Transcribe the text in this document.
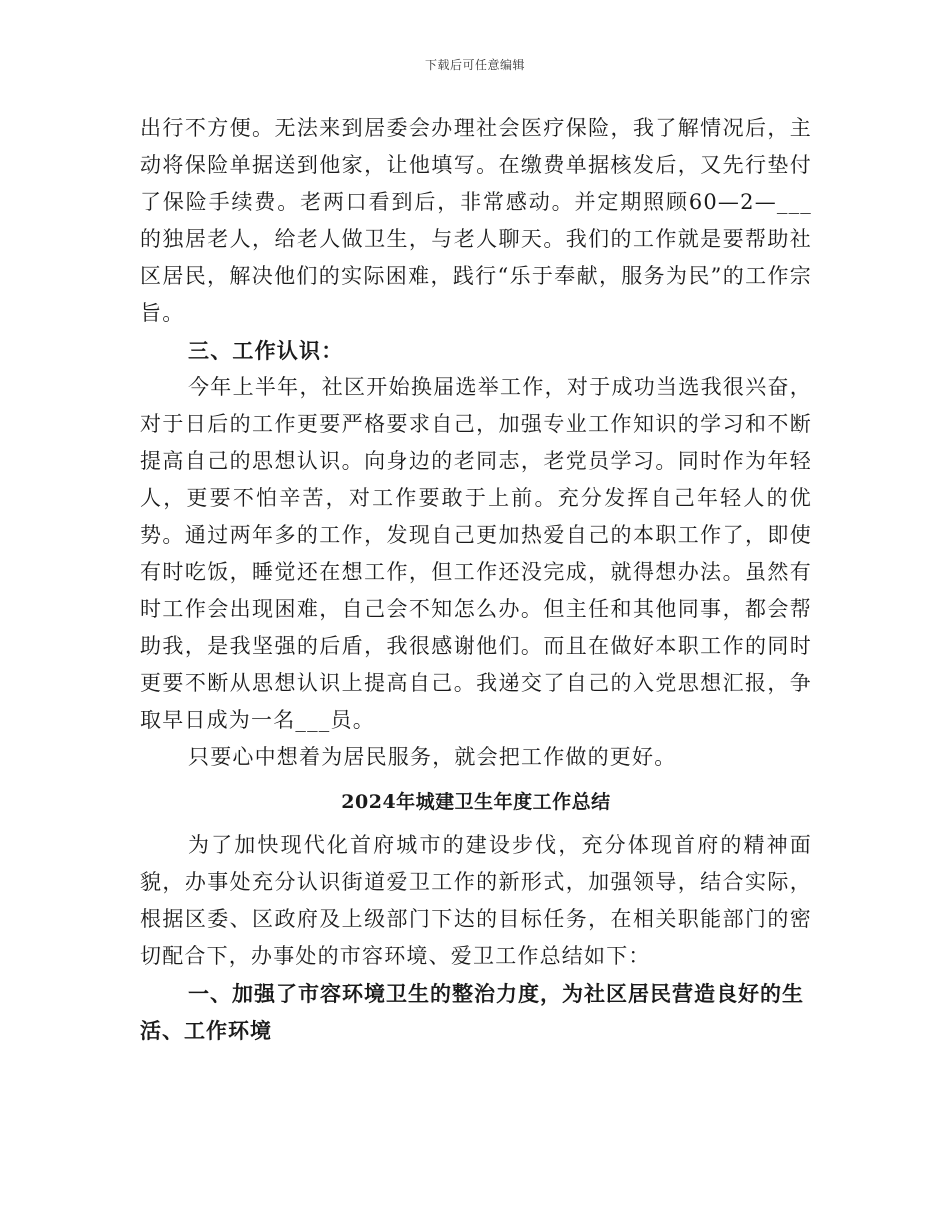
下载后可任意编辑

出行不方便。无法来到居委会办理社会医疗保险，我了解情况后，主动将保险单据送到他家，让他填写。在缴费单据核发后，又先行垫付了保险手续费。老两口看到后，非常感动。并定期照顾60—2—___的独居老人，给老人做卫生，与老人聊天。我们的工作就是要帮助社区居民，解决他们的实际困难，践行“乐于奉献，服务为民”的工作宗旨。

三、工作认识：

今年上半年，社区开始换届选举工作，对于成功当选我很兴奋，对于日后的工作更要严格要求自己，加强专业工作知识的学习和不断提高自己的思想认识。向身边的老同志，老党员学习。同时作为年轻人，更要不怕辛苦，对工作要敢于上前。充分发挥自己年轻人的优势。通过两年多的工作，发现自己更加热爱自己的本职工作了，即使有时吃饭，睡觉还在想工作，但工作还没完成，就得想办法。虽然有时工作会出现困难，自己会不知怎么办。但主任和其他同事，都会帮助我，是我坚强的后盾，我很感谢他们。而且在做好本职工作的同时更要不断从思想认识上提高自己。我递交了自己的入党思想汇报，争取早日成为一名___员。

只要心中想着为居民服务，就会把工作做的更好。

2024年城建卫生年度工作总结

为了加快现代化首府城市的建设步伐，充分体现首府的精神面貌，办事处充分认识街道爱卫工作的新形式，加强领导，结合实际，根据区委、区政府及上级部门下达的目标任务，在相关职能部门的密切配合下，办事处的市容环境、爱卫工作总结如下：

一、加强了市容环境卫生的整治力度，为社区居民营造良好的生活、工作环境
